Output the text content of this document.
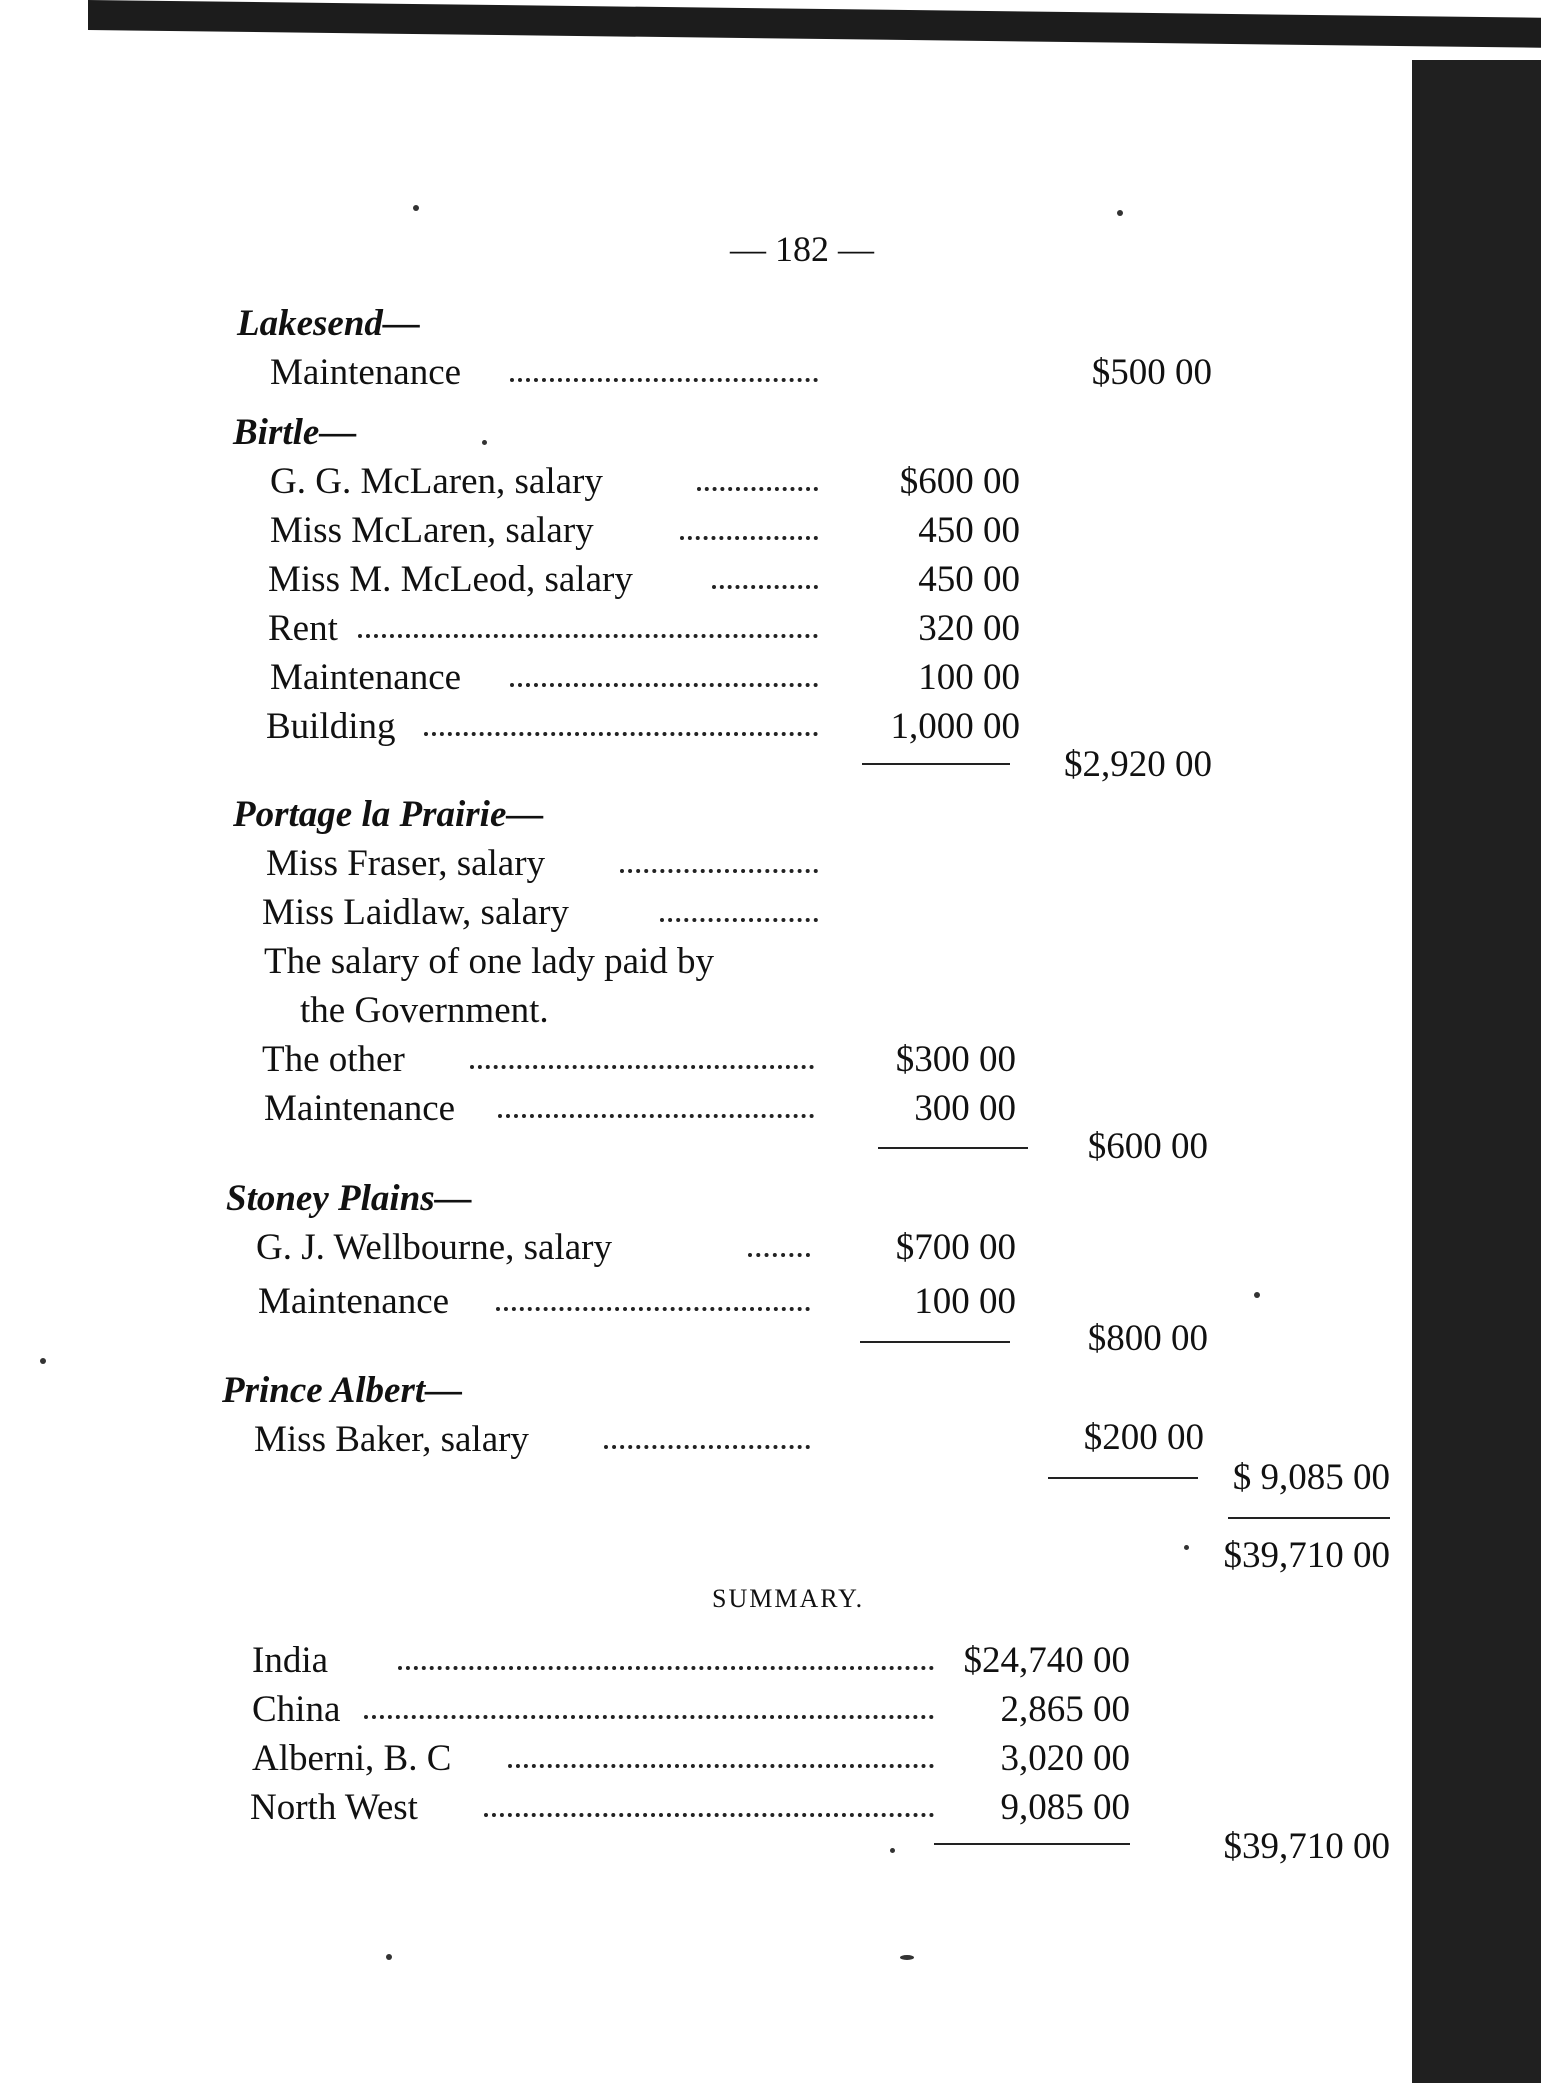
— 182 —
Lakesend—
Maintenance	$500 00
Birtle—
G. G. McLaren, salary	$600 00
Miss McLaren, salary	450 00
Miss M. McLeod, salary	450 00
Rent	320 00
Maintenance	100 00
Building	1,000 00
$2,920 00
Portage la Prairie—
Miss Fraser, salary
Miss Laidlaw, salary
The salary of one lady paid by
the Government.
The other	$300 00
Maintenance	300 00
$600 00
Stoney Plains—
G. J. Wellbourne, salary	$700 00
Maintenance	100 00
$800 00
Prince Albert—
Miss Baker, salary	$200 00
$ 9,085 00
$39,710 00
SUMMARY.
India	$24,740 00
China	2,865 00
Alberni, B. C	3,020 00
North West	9,085 00
$39,710 00
